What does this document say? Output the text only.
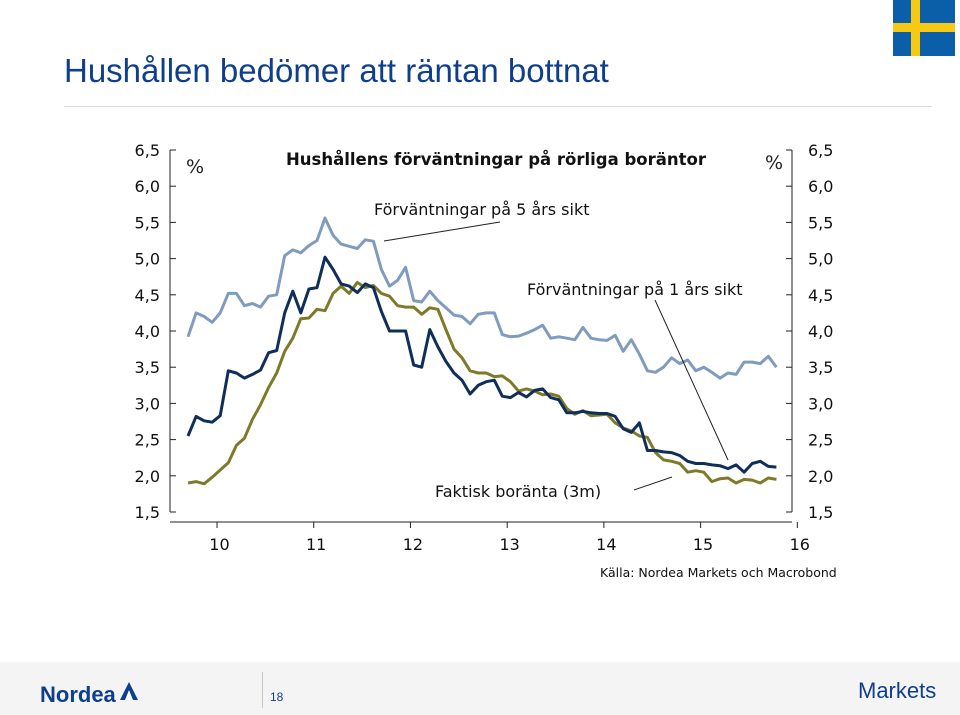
Hushållen bedömer att räntan bottnat
6,5
6,0
5,5
5,0
4,5
4,0
3,5
3,0
2,5
2,0
1,5
6,5
6,0
5,5
5,0
4,5
4,0
3,5
3,0
2,5
2,0
1,5
10	11	12	13	14	15	16
%	%
Hushållens förväntningar på rörliga boräntor
Förväntningar på 5 års sikt
Förväntningar på 1 års sikt
Faktisk boränta (3m)
Källa: Nordea Markets och Macrobond
Nordea	18	Markets
